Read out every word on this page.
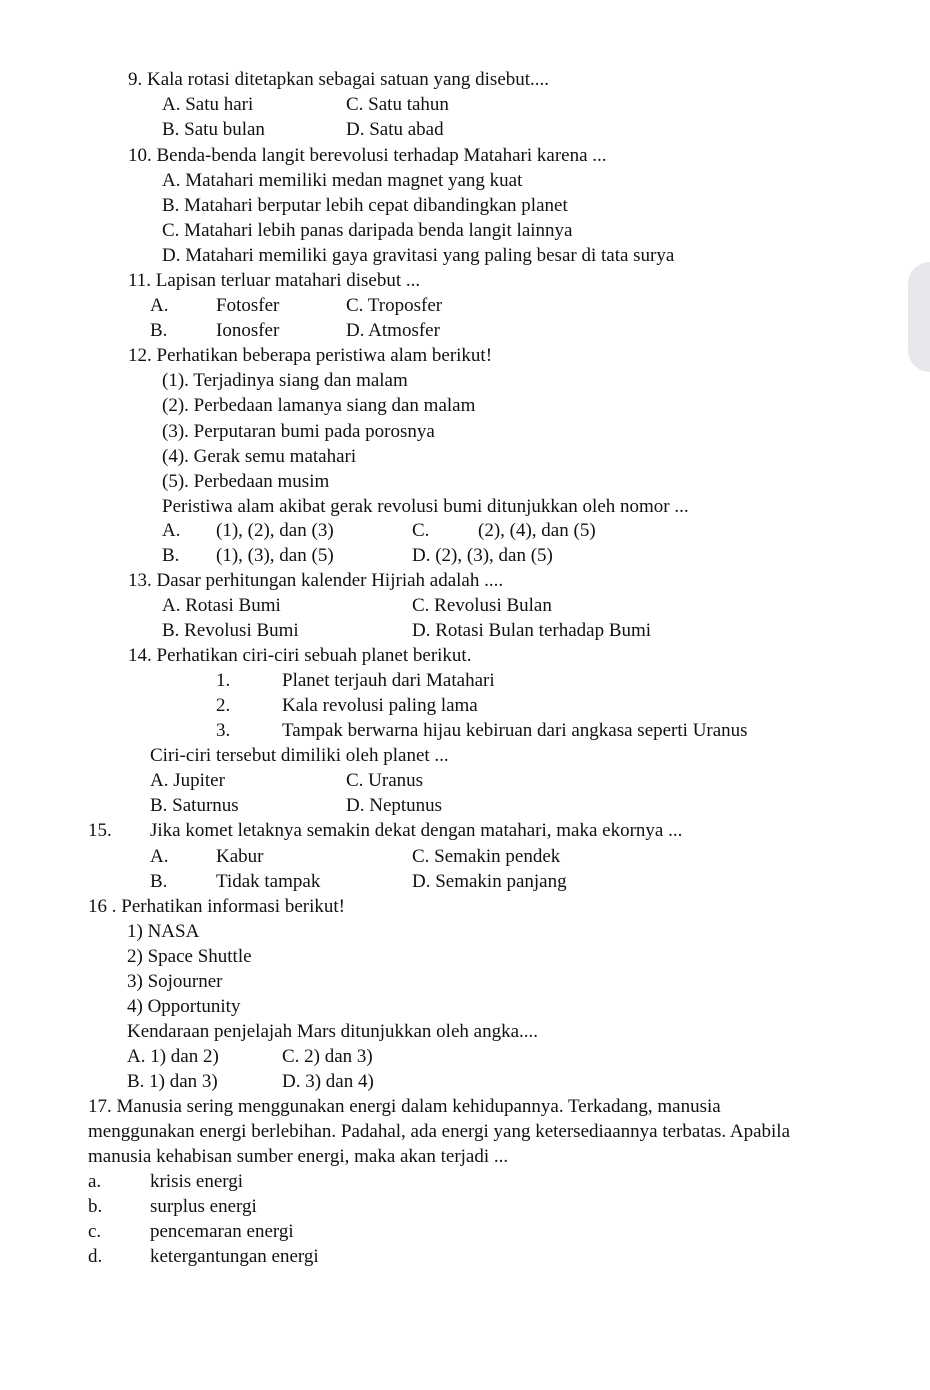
9. Kala rotasi ditetapkan sebagai satuan yang disebut....
A. Satu hari	C. Satu tahun
B. Satu bulan	D. Satu abad
10. Benda-benda langit berevolusi terhadap Matahari karena ...
A. Matahari memiliki medan magnet yang kuat
B. Matahari berputar lebih cepat dibandingkan planet
C. Matahari lebih panas daripada benda langit lainnya
D. Matahari memiliki gaya gravitasi yang paling besar di tata surya
11. Lapisan terluar matahari disebut ...
A.	Fotosfer	C. Troposfer
B.	Ionosfer	D. Atmosfer
12. Perhatikan beberapa peristiwa alam berikut!
(1). Terjadinya siang dan malam
(2). Perbedaan lamanya siang dan malam
(3). Perputaran bumi pada porosnya
(4). Gerak semu matahari
(5). Perbedaan musim
Peristiwa alam akibat gerak revolusi bumi ditunjukkan oleh nomor ...
A. (1), (2), dan (3)	C.	(2), (4), dan (5)
B. (1), (3), dan (5)	D. (2), (3), dan (5)
13. Dasar perhitungan kalender Hijriah adalah ....
A. Rotasi Bumi	C. Revolusi Bulan
B. Revolusi Bumi	D. Rotasi Bulan terhadap Bumi
14. Perhatikan ciri-ciri sebuah planet berikut.
1.	Planet terjauh dari Matahari
2.	Kala revolusi paling lama
3.	Tampak berwarna hijau kebiruan dari angkasa seperti Uranus
Ciri-ciri tersebut dimiliki oleh planet ...
A. Jupiter	C. Uranus
B. Saturnus	D. Neptunus
15. Jika komet letaknya semakin dekat dengan matahari, maka ekornya ...
A.	Kabur	C. Semakin pendek
B.	Tidak tampak	D. Semakin panjang
16 . Perhatikan informasi berikut!
1) NASA
2) Space Shuttle
3) Sojourner
4) Opportunity
Kendaraan penjelajah Mars ditunjukkan oleh angka....
A. 1) dan 2)	C. 2) dan 3)
B. 1) dan 3)	D. 3) dan 4)
17. Manusia sering menggunakan energi dalam kehidupannya. Terkadang, manusia
menggunakan energi berlebihan. Padahal, ada energi yang ketersediaannya terbatas. Apabila
manusia kehabisan sumber energi, maka akan terjadi ...
a.	krisis energi
b.	surplus energi
c.	pencemaran energi
d.	ketergantungan energi
